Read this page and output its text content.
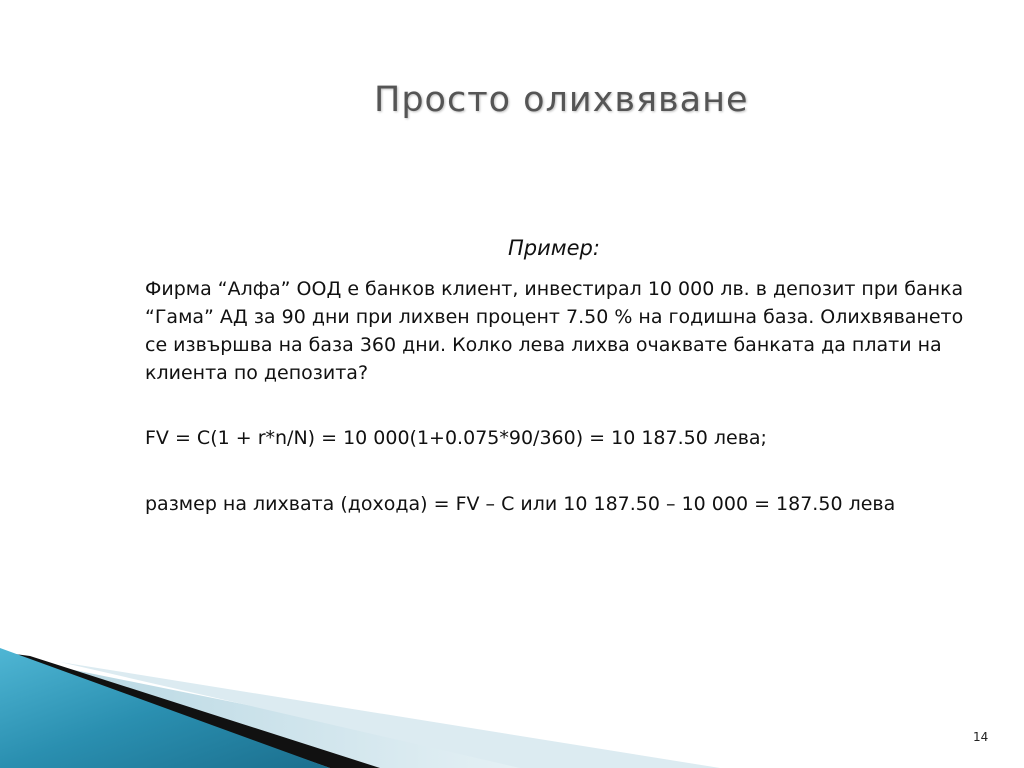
Просто олихвяване
Пример:

Фирма “Алфа” ООД е банков клиент, инвестирал 10 000 лв. в депозит при банка “Гама” АД за 90 дни при лихвен процент 7.50 % на годишна база. Олихвяването се извършва на база 360 дни. Колко лева лихва очаквате банката да плати на клиента по депозита?

FV = C(1 + r*n/N) = 10 000(1+0.075*90/360) = 10 187.50 лева;

размер на лихвата (дохода) = FV – C или 10 187.50 – 10 000 = 187.50 лева

14
